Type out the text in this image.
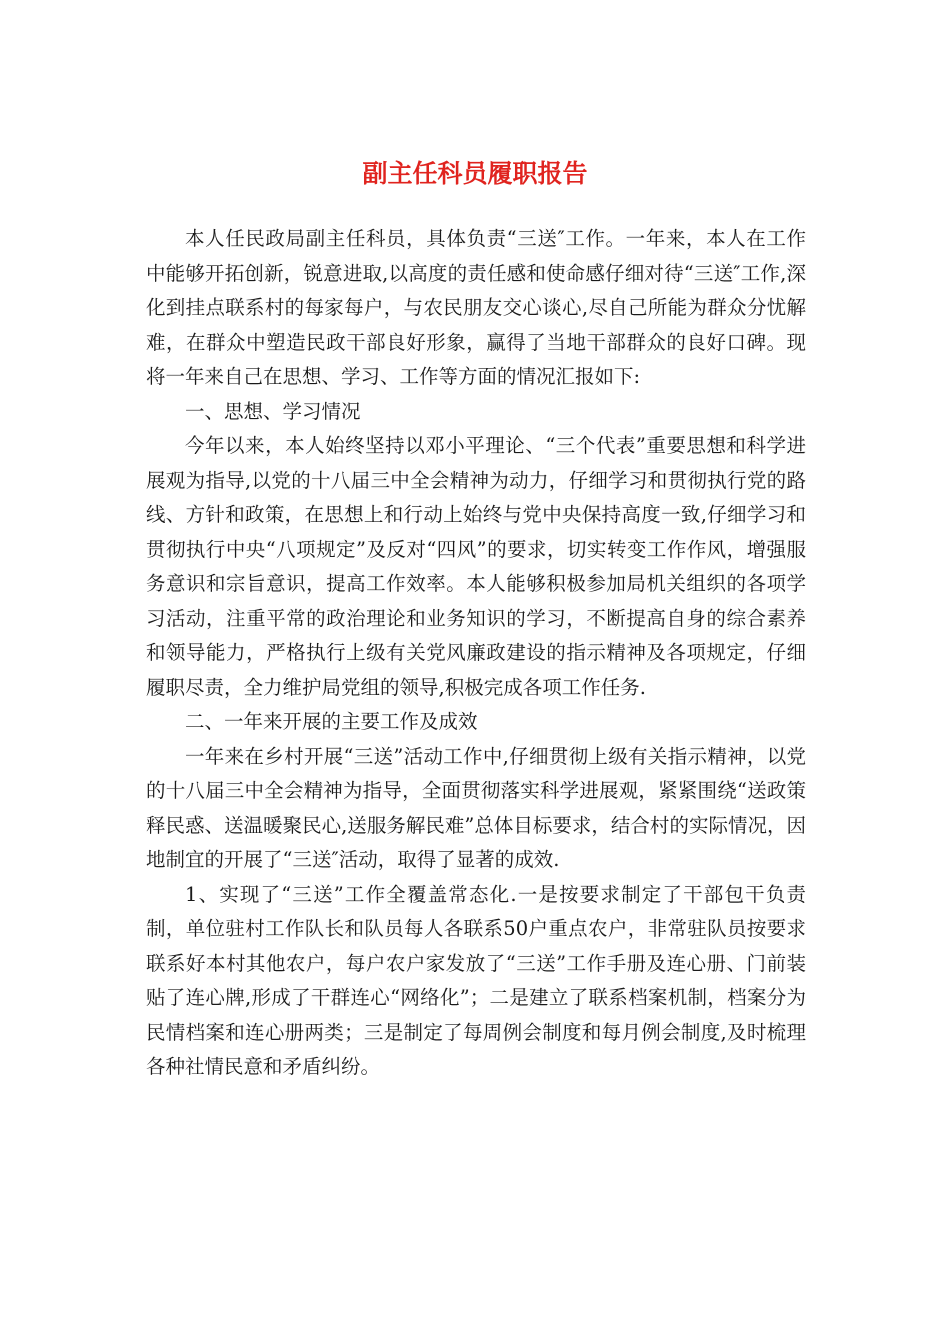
副主任科员履职报告

本人任民政局副主任科员，具体负责“三送″工作。一年来，本人在工作中能够开拓创新，锐意进取,以高度的责任感和使命感仔细对待“三送″工作,深化到挂点联系村的每家每户，与农民朋友交心谈心,尽自己所能为群众分忧解难，在群众中塑造民政干部良好形象，赢得了当地干部群众的良好口碑。现将一年来自己在思想、学习、工作等方面的情况汇报如下:

一、思想、学习情况

今年以来，本人始终坚持以邓小平理论、“三个代表”重要思想和科学进展观为指导,以党的十八届三中全会精神为动力，仔细学习和贯彻执行党的路线、方针和政策，在思想上和行动上始终与党中央保持高度一致,仔细学习和贯彻执行中央“八项规定”及反对“四风”的要求，切实转变工作作风，增强服务意识和宗旨意识，提高工作效率。本人能够积极参加局机关组织的各项学习活动，注重平常的政治理论和业务知识的学习，不断提高自身的综合素养和领导能力，严格执行上级有关党风廉政建设的指示精神及各项规定，仔细履职尽责，全力维护局党组的领导,积极完成各项工作任务.

二、一年来开展的主要工作及成效

一年来在乡村开展“三送”活动工作中,仔细贯彻上级有关指示精神，以党的十八届三中全会精神为指导，全面贯彻落实科学进展观，紧紧围绕“送政策释民惑、送温暖聚民心,送服务解民难”总体目标要求，结合村的实际情况，因地制宜的开展了“三送″活动，取得了显著的成效.

1、实现了“三送”工作全覆盖常态化.一是按要求制定了干部包干负责制，单位驻村工作队长和队员每人各联系50户重点农户，非常驻队员按要求联系好本村其他农户，每户农户家发放了“三送”工作手册及连心册、门前装贴了连心牌,形成了干群连心“网络化”；二是建立了联系档案机制，档案分为民情档案和连心册两类；三是制定了每周例会制度和每月例会制度,及时梳理各种社情民意和矛盾纠纷。
